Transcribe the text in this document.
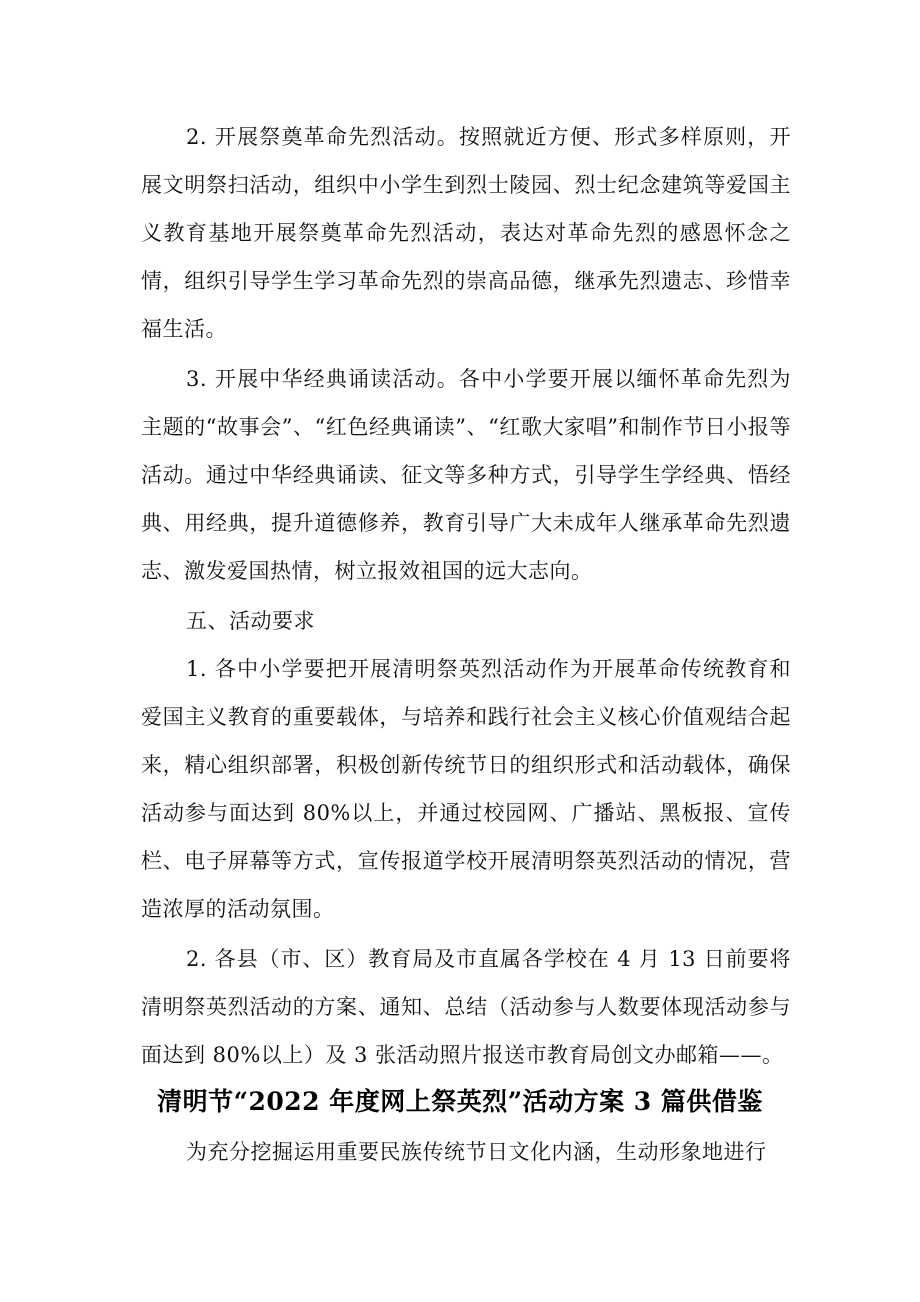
2. 开展祭奠革命先烈活动。按照就近方便、形式多样原则，开展文明祭扫活动，组织中小学生到烈士陵园、烈士纪念建筑等爱国主义教育基地开展祭奠革命先烈活动，表达对革命先烈的感恩怀念之情，组织引导学生学习革命先烈的崇高品德，继承先烈遗志、珍惜幸福生活。

3. 开展中华经典诵读活动。各中小学要开展以缅怀革命先烈为主题的“故事会”、“红色经典诵读”、“红歌大家唱”和制作节日小报等活动。通过中华经典诵读、征文等多种方式，引导学生学经典、悟经典、用经典，提升道德修养，教育引导广大未成年人继承革命先烈遗志、激发爱国热情，树立报效祖国的远大志向。

五、活动要求

1. 各中小学要把开展清明祭英烈活动作为开展革命传统教育和爱国主义教育的重要载体，与培养和践行社会主义核心价值观结合起来，精心组织部署，积极创新传统节日的组织形式和活动载体，确保活动参与面达到 80%以上，并通过校园网、广播站、黑板报、宣传栏、电子屏幕等方式，宣传报道学校开展清明祭英烈活动的情况，营造浓厚的活动氛围。

2. 各县（市、区）教育局及市直属各学校在 4 月 13 日前要将清明祭英烈活动的方案、通知、总结（活动参与人数要体现活动参与面达到 80%以上）及 3 张活动照片报送市教育局创文办邮箱——。

清明节“2022 年度网上祭英烈”活动方案 3 篇供借鉴

为充分挖掘运用重要民族传统节日文化内涵，生动形象地进行
